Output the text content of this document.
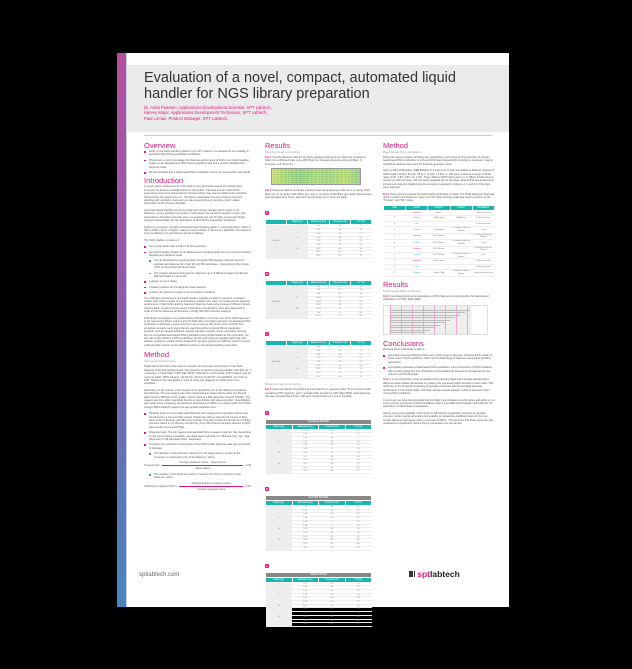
Evaluation of a novel, compact, automated liquid handler for NGS library preparation
Dr. Anita Pearson, Applications Development Scientist, SPT Labtech,
Harvey Major, Applications Development Technician, SPT Labtech,
Paul Lomax, Product Manager, SPT Labtech,
Overview
firefly, a new liquid handling platform from SPT Labtech, is evaluated for its suitability to automate NGS library preparation workflows.
Photometry is used to evaluate the dispense performance of firefly's two liquid handling heads: an air-displacement 384-channel pipetting head and a positive displacement dispense head.
We demonstrate that a bead-based DNA purification can be run successfully using firefly.
Introduction

In recent years, advancements in the field of next-generation sequencing (NGS) have improved our access to detailed genomic information. Samples that are destined for sequencing need to be processed into libraries before they can be loaded onto a machine that performs the sequencing run. This library preparation process involves numerous pipetting and incubation steps and can take several days to complete, which makes automation of this process desirable.

Automated liquid handlers tend to be large and occupy valuable bench space in the laboratory, as are typically only present in labs where the sample throughput is high, and automation is therefore essential. Here, we evaluate the use of firefly, a novel and highly compact liquid handler, for the automation of NGS library preparation workflows.

firefly is an extremely compact automated liquid handling platform, measuring 90cm x 50cm x 55cm (width x depth x height), making it easy to deploy in almost any laboratory that wants to improve efficiency by automating manual workflows.

The firefly platform consists of:

two moving decks with a total of 16 deck positions
two liquid handling heads: an air-displacement pipetting head and a non-contact positive displacement dispense head
The air-displacement pipetting head comprises 384 pipetting channels and can aspirate and dispense from both 96 and 384 well plates – depending on the format of the tip-box presented to the head.
The positive displacement head can dispense up to 8 different reagents to 96 and 384 well plates on the decks.
a gripper to move plates
a loading position for the dispense head reagents
positions for process modules such as heaters or shakers

The volumetric performance of a liquid handler underlies its ability to produce consistent results, both within a single run and between multiple runs. Here, we measured the dispense performance of the firefly pipetting head and dispense head using a range of different liquids. Viscous fluids, similar to those used in NGS library preparations, were also dispensed in order to test the dispense performance of firefly with NGS-relevant reagents.

NGS library preparations use bead-based purifications to sort the size of the DNA fragments in the sequencing library and to purify the DNA after enzymatic reactions. A bead-based DNA purification is therefore a good protocol to use to assess the performance of firefly. The procedure includes many steps that are used throughout a typical library preparation protocol, such as reagent additions, sample transfers, sample mixing, and waste removal. We ran a simplified bead-based DNA purification using a DNA ladder as the input DNA. Our aim was to test whether a DNA purification can be performed successfully with firefly and whether consistent results can be obtained for samples prepared in different columns across a 96-well plate, as this can be difficult to achieve using liquid handling automation.

Method
Volumetric performance

Single-label photometry was used to measure the volumetric performance of the firefly dispense head and pipetting head. Test reagents consisted of aqueous buffer (Artel DI-Lut), 1 x aqueous, a "bead buffer" (20% PEG 8000, 2.5M NaCl), 1mM Citrate, 0.05% Tween) and an "enzyme buffer" (50% Glycerol, 10mM Tris, 1M KCl, 2mM DTT, 0.1mM EDTA, 1% Triton X-100). Tartrazine dye was added to each of these test reagents to enable them to be quantified.

Depending on the volume of test reagent to be quantified, one of two different procedures was followed. The test reagent was either dispensed into target volume wells of a 96-well plate (Greiner 655101) or the smaller volume wells of a 384-well plate (Greiner 781091). The reagent was then either quantified directly or after dilution with aqueous buffer. Quantification was achieved by measuring the tartrazine absorbance at 405nm on a plate reader (FLUOstar Omega, BMG Labtech) against the appropriate standard curve.

Pipetting head: A source plate was filled with 'test' reagent and a specified volume was transferred by a sub-microliter-pipette. Pipette tips with a maximum fill volume of 50µL were tested in 96-array and 384-array formats. Tips with a maximum fill volume of 125µL tips were tested in the 96-array format only, since 384 channel transfers relevant to NGS were found not to exceed 50µL.
Dispense head: The test reagent was aspirated from a reagent reservoir, then depending on the volume being quantified, was dispensed to all wells of a 384-well (1µL, 2µL, 10µL dispenses) or 96-well plate (20µL, dispenses).
To assess the volumetric performance of the firefly heads, dispense data was processed to calculate:
The deviation of the dispense volume from the target volume, known as the "trueness" or systematic error of the dispense, where:
Trueness (%) = $\frac{\text{Average measured volume – Target volume}}{\text{Target volume}}$ x 100
The variation in the dispense volume, known as the %CV or precision of the dispense, where:
Coefficient of variation $(\%CV) = \frac{\text{Standard deviation measured volume}}{\text{Average measured volume}}$ x 100
Results
Pipetting head volumetrics
Fig 1. Sample dispense data for the firefly pipetting head for a 1µL dispense of aqueous buffer into a 384-well plate using 384-50µL tips. Average dispense volume 0.98µL; % Trueness -1.8, %CV=2.2
Fig 2. Dispense data for the firefly pipetting head using aqueous buffer for A, an array of 96-50µL tips; B, an array of 96-125µL tips; and, C, an array of 384-50µL tips. Each dispense test was repeated three times, with each repeat shown as a row in the table.
A
	Target (µL)	Measured (µL)	Trueness (%)	CV (%)
96-50µL	1	0.99	-1.0	2.2
		0.98	-1.6	2.3
		0.98	-2.1	2
	5	5.04	0.8	0.6
		5.05	0.9	0.6
		5.00	0	0.6
	50	49.7	-0.6	1.0
		49.5	-0.9	1.0
		49.6	-0.8	1.0
B
	Target (µL)	Measured (µL)	Trueness (%)	CV (%)
96-125µL	1	1.01	0.9	1.6
		1.00	0.1	1.6
		1.01	0.7	1.6
	10	10.03	0.3	0.5
		10.03	0.3	0.5
		10.02	0.2	0.5
	100	100.3	0.3	0.5
		100	0	0.5
		100.7	0.7	0.5
C
	Target (µL)	Measured (µL)	Trueness (%)	CV (%)
384-50µL	1	0.98	-1.8	2.2
		0.98	-1.6	2.3
		0.98	-2.0	2.1
	5	5.03	0.7	0.7
		5.02	0.4	0.8
		5.00	0.0	0.8
	50	49.9	-0.2	1.0
		49.9	-0.2	1.0
		49.7	-0.6	1.0
Dispense head volumetrics
Fig 3. Dispense data for the firefly dispense head for A, aqueous buffer, B, an enzyme buffer (containing 50% glycerol), and C, a bead buffer (containing 20% PEG 8000). Each dispense test was repeated three times, with each repeat shown as a row in the table.
A
AQUEOUS BUFFER			
Target (µL)	Measured (µL)	Trueness (%)	CV (%)
1	1.00	0.0	2.5
	1.00	0	2.3
	1.00	0.0	2
2	2.00	0.0	1.6
	2.00	0.0	1.6
	2.00	0	1.8
10	10.0	0.0	1.0
	10	0.0	1.0
	10.0	0.0	1.0
20	20.0	0.0	0.5
	20.0	0.0	0.5
	20.0	0.0	0.5
B
ENZYME BUFFER			
Target (µL)	Measured (µL)	Trueness (%)	CV (%)
1	1.00	0.0	2.6
	1.01	1.0	2.7
	1.00	0.0	2.6
2	1.98	-1.0	1.7
	1.98	-1	1.8
	1.98	-1	1.8
10	10.0	0.0	1.0
	10.0	0.0	1.0
	9.99	-0.1	1.0
20	20.0	0.0	0.6
	20.0	0.0	0.6
	20.0	0.0	0.6
C
BEAD BUFFER			
Target (µL)	Measured (µL)	Trueness (%)	CV (%)
1	1.00	0.0	1.8
	1.00	0.0	1.8
	1.00	0.0	2.1
2	1.99	-0.5	1.6
	1.99	-0.5	1.6
	1.99	-0.5	1.6
10	10.0	0.0	1.0
	10.0	0.0	1.0
	10.0	0.0	1.0
20	20.0	0.0	0.6
	20.0	0.0	0.6
	20.0	0.0	0.7
Method
Bead-based DNA purification

firefly was used to perform all dispenses, aspirations, and mixing for the execution of a single bead-based DNA purification in a 96-well PCR plate (Eppendorf) including its accessory magnet. ALPAQUA magnets were used for all bead separation steps.

Using a 50bp DNA ladder (NEB Biolabs) in a volume of 71.5µL was added to different volumes of SPRI beads (20.0µL, 40.0µL, 56.1µL, 71.5µL, 71.5µL, or 100.1µL) to achieve a range of SPRI ratios (0.3X, 0.6X, 0.8X, 1X, 1.4X). These different SPRI ratios were run in different wells down a column of a 96-well plate, with the setup repeated across the plate. Eluted DNA was analysed on a Fragment Analyzer (Agilent) and the samples processed in columns 1, 6 and 12 of the plate were analysed.

Fig 4. Steps used to execute the bead-based purification on firefly. The firefly dispense head was used to perform all "Dispense" steps, and the firefly pipetting head was used to perform all the "Transfer" and "Mix" steps.
Step	Action	Reagent	Source	Destination
1	Dispense	Beads	-	Purification plate
2	Transfer	DNA sample	DNA source	Purification plate
3	Mix	-	-	Purification plate
4	Transfer	Supernatant	Purification plate on Magnet	Trash
5	Dispense	80% Ethanol	-	Purification plate on Magnet
6	Transfer	80% Ethanol	Purification plate on Magnet	Trash
7	Dispense	80% Ethanol	-	Purification plate on Magnet
8	Transfer	80% Ethanol	Purification plate on Magnet	Trash
9	Dispense	Elution buffer	-	Purification plate
10	Mix	-	-	Purification plate
11	Transfer	Eluted DNA	Purification plate on Magnet	New destination plate
Results
Bead-based DNA purification
Fig 5. Gel image showing the abundance of DNA fragments remaining after the bead-based purification of a 50bp DNA ladder.
Conclusions

We have shown that firefly is able to:

accurately dispense different fluids over a wide range of volumes, including fluids similar to those used in NGS workflows, which can be challenging to dispense using liquid handling automation.
successfully automate a bead-based DNA purification, a key component of NGS workflows, with a uniform fragment size distribution demonstrated for samples processed across the columns of a 96-well plate.

firefly's novel combination of an air-displacement pipetting head and a positive displacement dispense head enables all samples in a plate to be processed within seconds of each other. This uniformity in the temporal processing of samples combined with the accurate dispense performance of the firefly heads minimizes sample-sample variation, which is important when running NGS workflows.

In summary, we have demonstrated that the firefly's good dispense performance and ability to run a key protocol component of NGS workflows make it a versatile liquid handler well suited for the automation of NGS library preparations.

Having proven the suitability of the firefly for NGS library preparation methods at standard volumes, further testing will explore its capability to miniaturize workflows based on the non-contact dispense technology down to volumes of 200nL. This will show that firefly users can also miniaturize to significantly reduce library preparation cost per sample.

sptlabtech.com	spt labtech
